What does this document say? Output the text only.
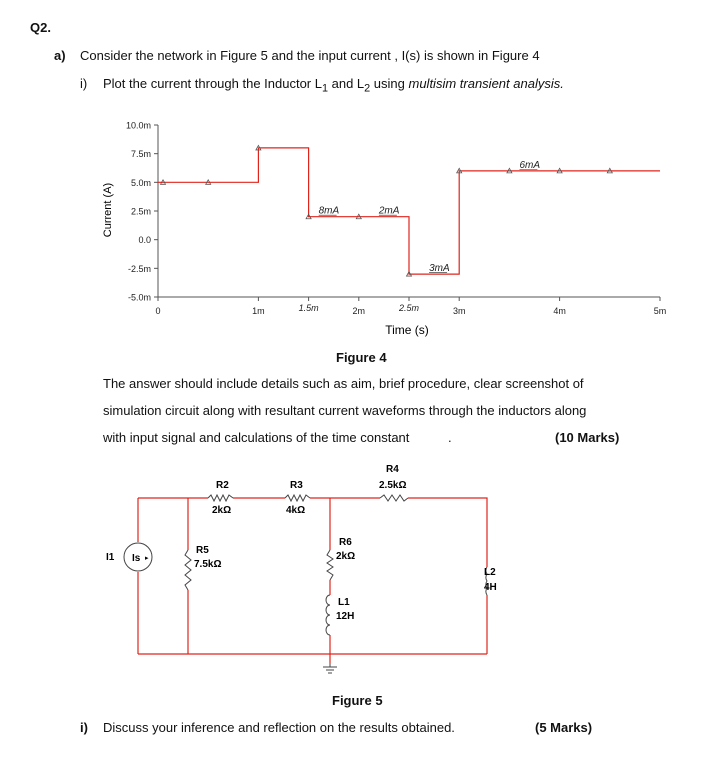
Q2.
a) Consider the network in Figure 5 and the input current , I(s) is shown in Figure 4
i) Plot the current through the Inductor $L_1$ and $L_2$ using multisim transient analysis.
10.0m
7.5m
5.0m
2.5m
0.0
-2.5m
-5.0m
0	1m	1.5m	2m	2.5m	3m	4m	5m
8mA	2mA
3mA
6mA
Current (A)
Time (s)
Figure 4
The answer should include details such as aim, brief procedure, clear screenshot of
simulation circuit along with resultant current waveforms through the inductors along
with input signal and calculations of the time constant	.	(10 Marks)
Is ▸
I1
R2
2kΩ
R3
4kΩ
R4
2.5kΩ
R5
7.5kΩ
R6
2kΩ
L1
12H
L2
4H
Figure 5
i) Discuss your inference and reflection on the results obtained.	(5 Marks)
